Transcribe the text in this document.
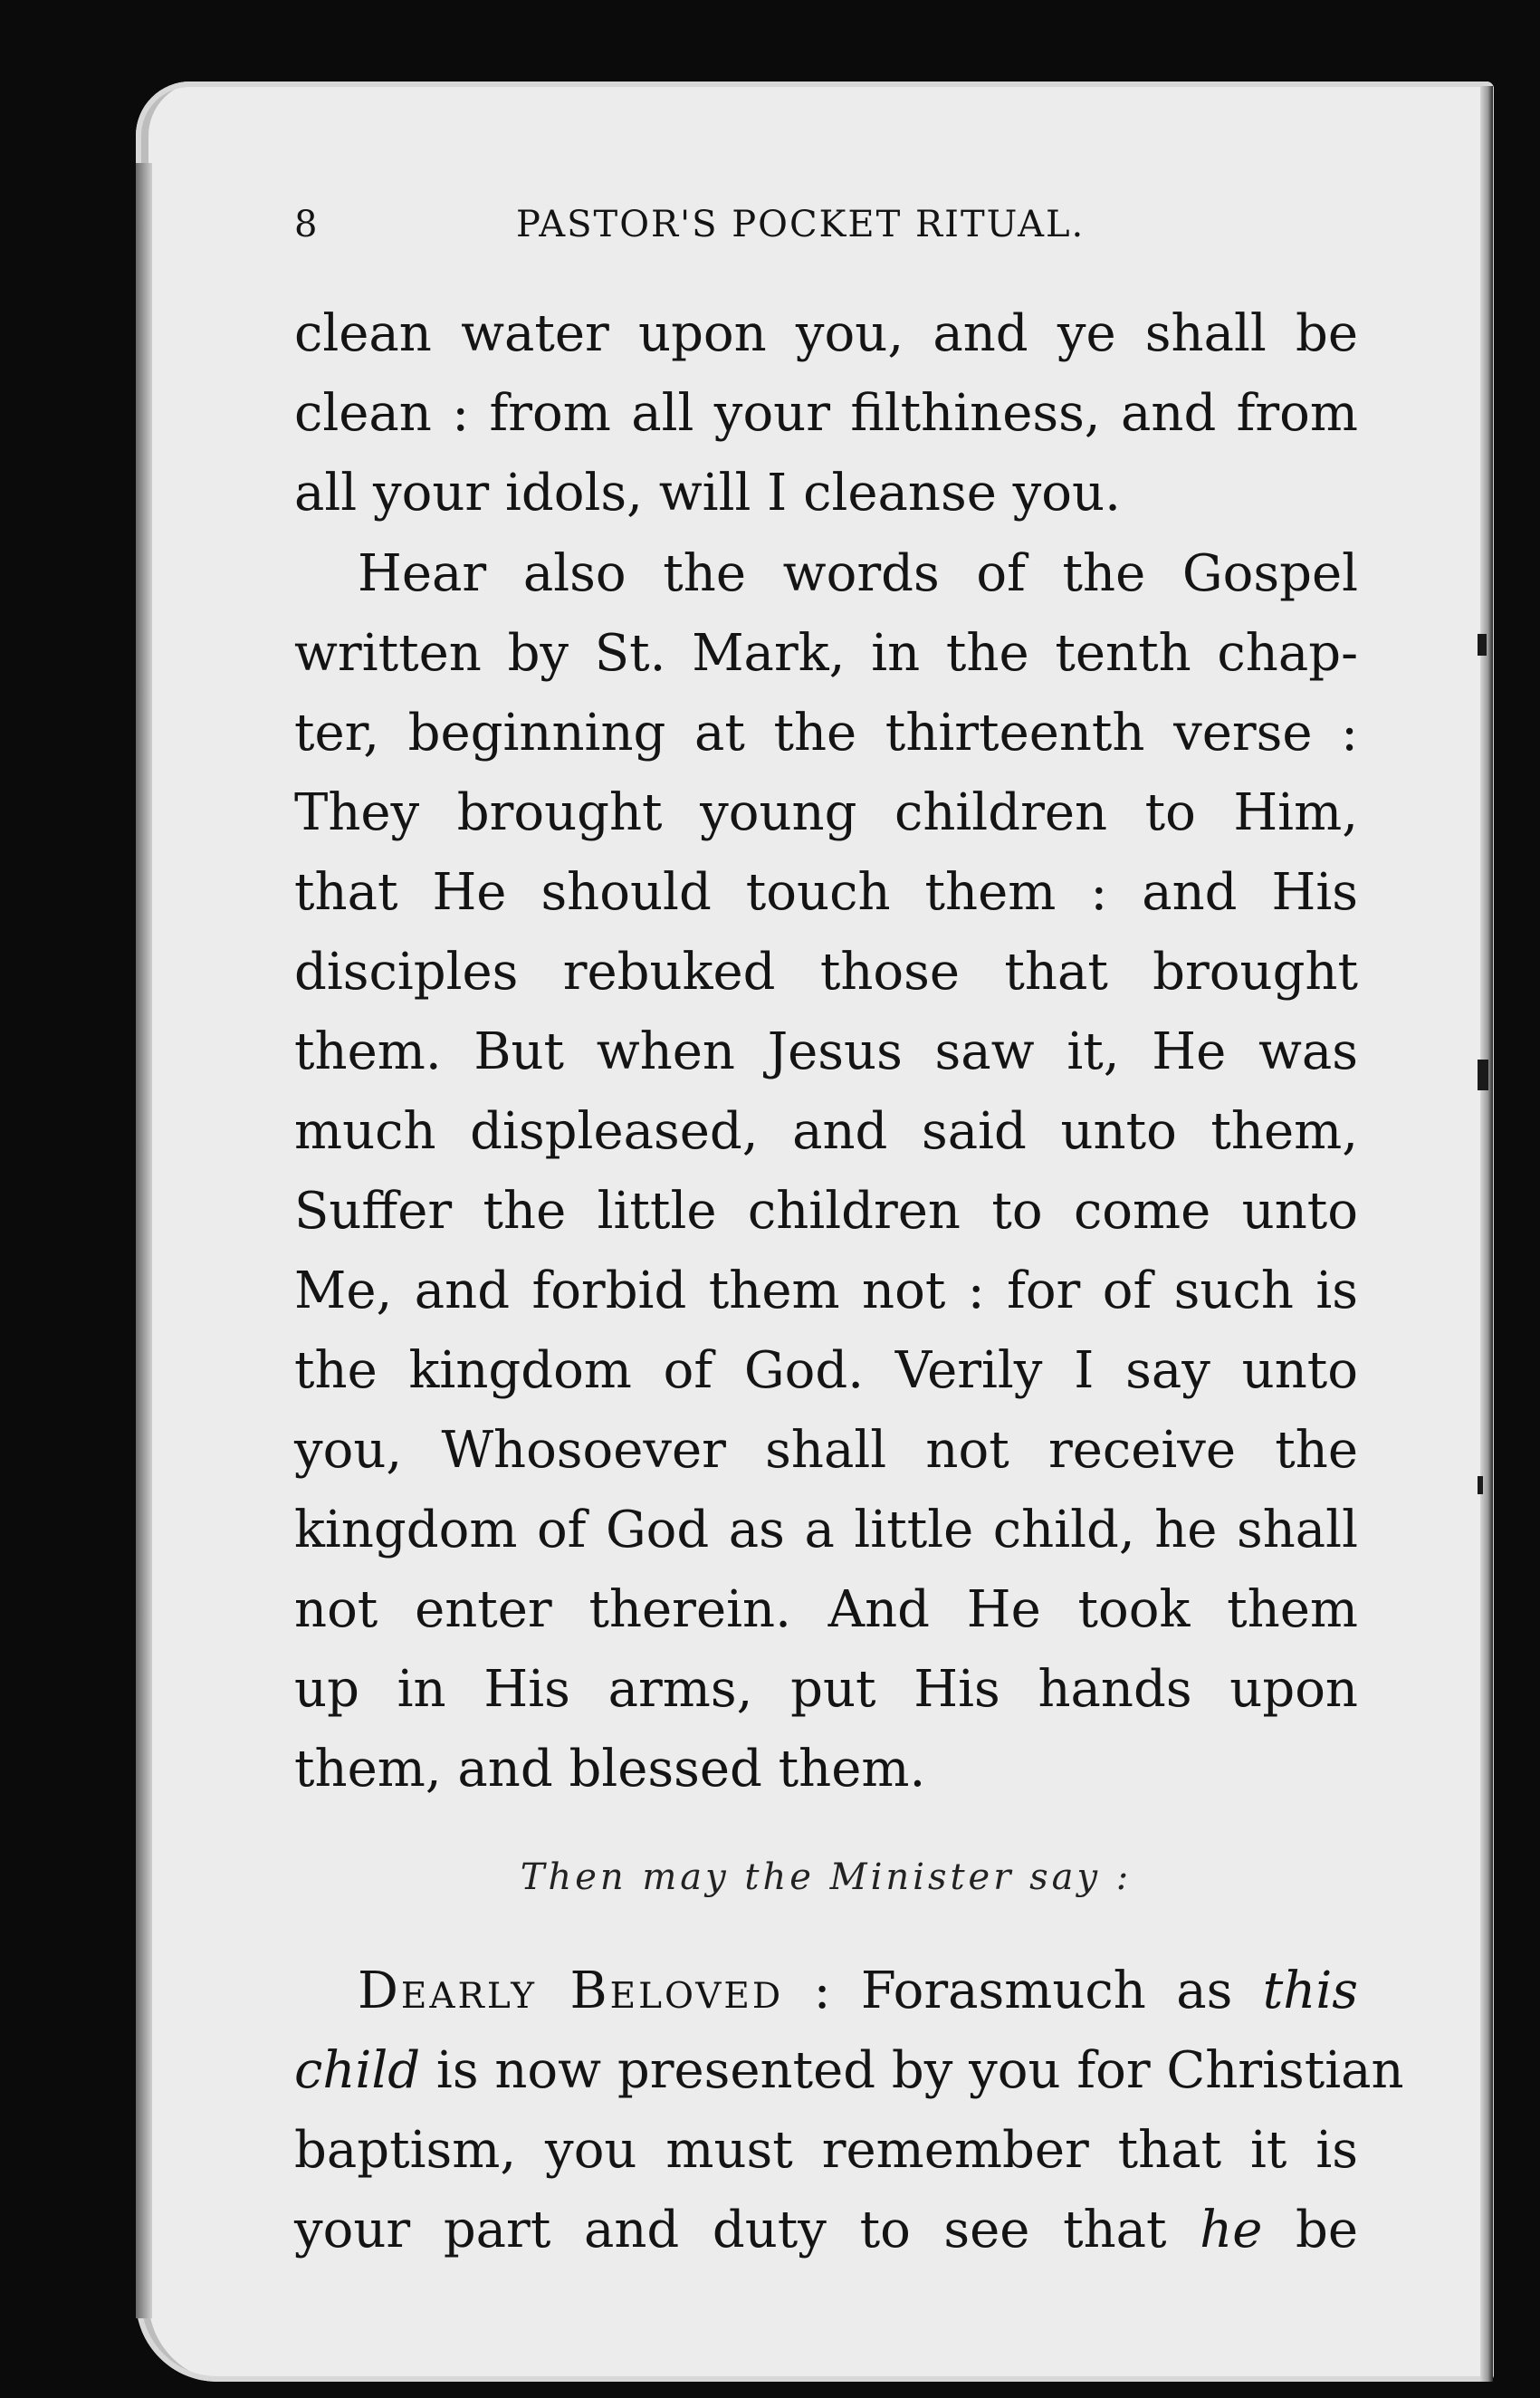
8	PASTOR'S POCKET RITUAL.
clean water upon you, and ye shall be
clean : from all your filthiness, and from
all your idols, will I cleanse you.
Hear also the words of the Gospel
written by St. Mark, in the tenth chap-
ter, beginning at the thirteenth verse :
They brought young children to Him,
that He should touch them : and His
disciples rebuked those that brought
them. But when Jesus saw it, He was
much displeased, and said unto them,
Suffer the little children to come unto
Me, and forbid them not : for of such is
the kingdom of God. Verily I say unto
you, Whosoever shall not receive the
kingdom of God as a little child, he shall
not enter therein. And He took them
up in His arms, put His hands upon
them, and blessed them.
Then may the Minister say :
Dearly Beloved : Forasmuch as this
child is now presented by you for Christian
baptism, you must remember that it is
your part and duty to see that he be
